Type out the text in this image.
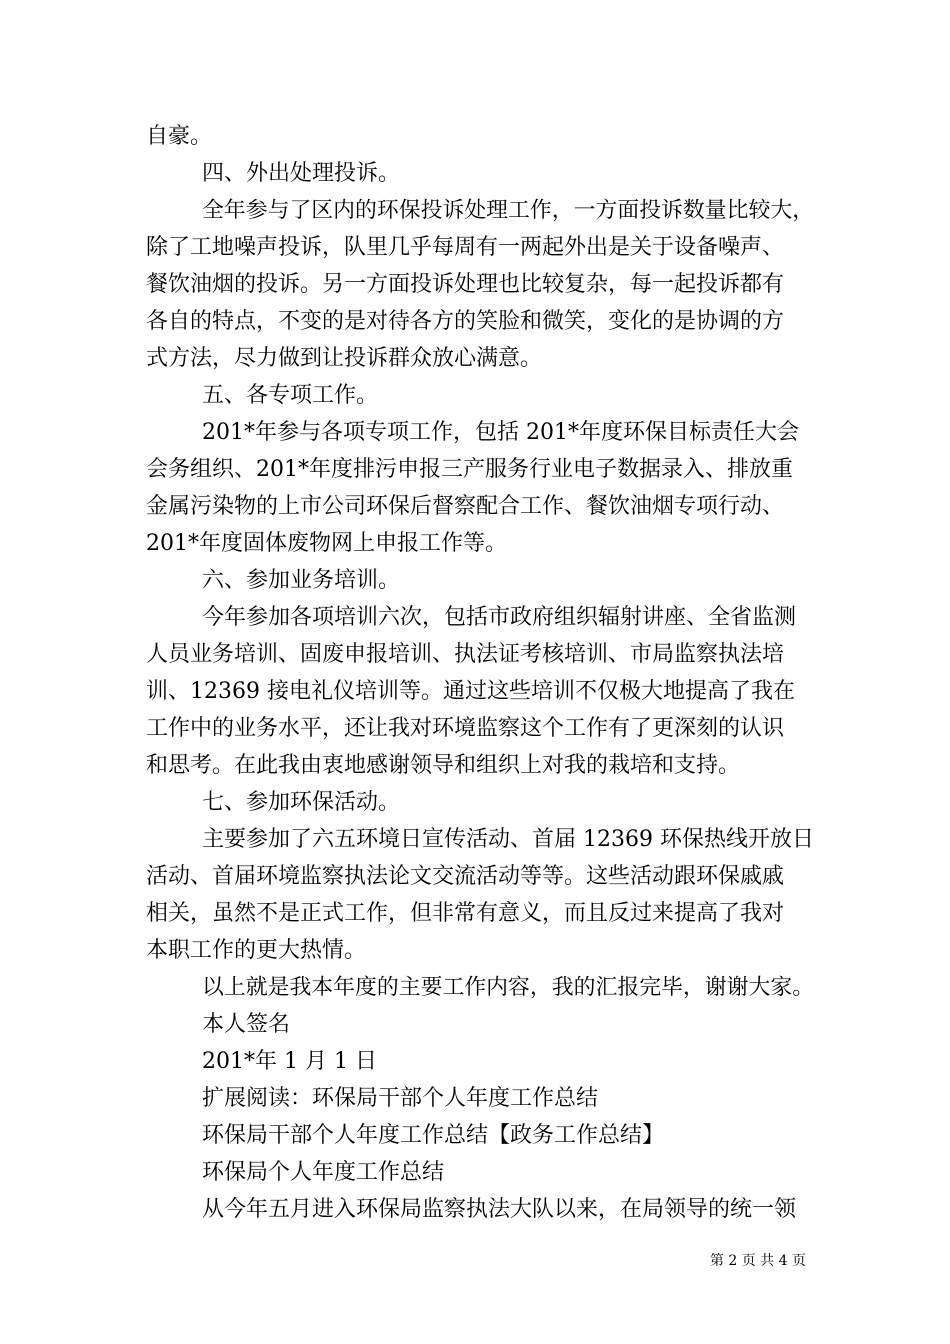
自豪。
四、外出处理投诉。
全年参与了区内的环保投诉处理工作，一方面投诉数量比较大，
除了工地噪声投诉，队里几乎每周有一两起外出是关于设备噪声、
餐饮油烟的投诉。另一方面投诉处理也比较复杂，每一起投诉都有
各自的特点，不变的是对待各方的笑脸和微笑，变化的是协调的方
式方法，尽力做到让投诉群众放心满意。
五、各专项工作。
201*年参与各项专项工作，包括 201*年度环保目标责任大会
会务组织、201*年度排污申报三产服务行业电子数据录入、排放重
金属污染物的上市公司环保后督察配合工作、餐饮油烟专项行动、
201*年度固体废物网上申报工作等。
六、参加业务培训。
今年参加各项培训六次，包括市政府组织辐射讲座、全省监测
人员业务培训、固废申报培训、执法证考核培训、市局监察执法培
训、12369 接电礼仪培训等。通过这些培训不仅极大地提高了我在
工作中的业务水平，还让我对环境监察这个工作有了更深刻的认识
和思考。在此我由衷地感谢领导和组织上对我的栽培和支持。
七、参加环保活动。
主要参加了六五环境日宣传活动、首届 12369 环保热线开放日
活动、首届环境监察执法论文交流活动等等。这些活动跟环保戚戚
相关，虽然不是正式工作，但非常有意义，而且反过来提高了我对
本职工作的更大热情。
以上就是我本年度的主要工作内容，我的汇报完毕，谢谢大家。
本人签名
201*年 1 月 1 日
扩展阅读：环保局干部个人年度工作总结
环保局干部个人年度工作总结【政务工作总结】
环保局个人年度工作总结
从今年五月进入环保局监察执法大队以来，在局领导的统一领
第 2 页 共 4 页
